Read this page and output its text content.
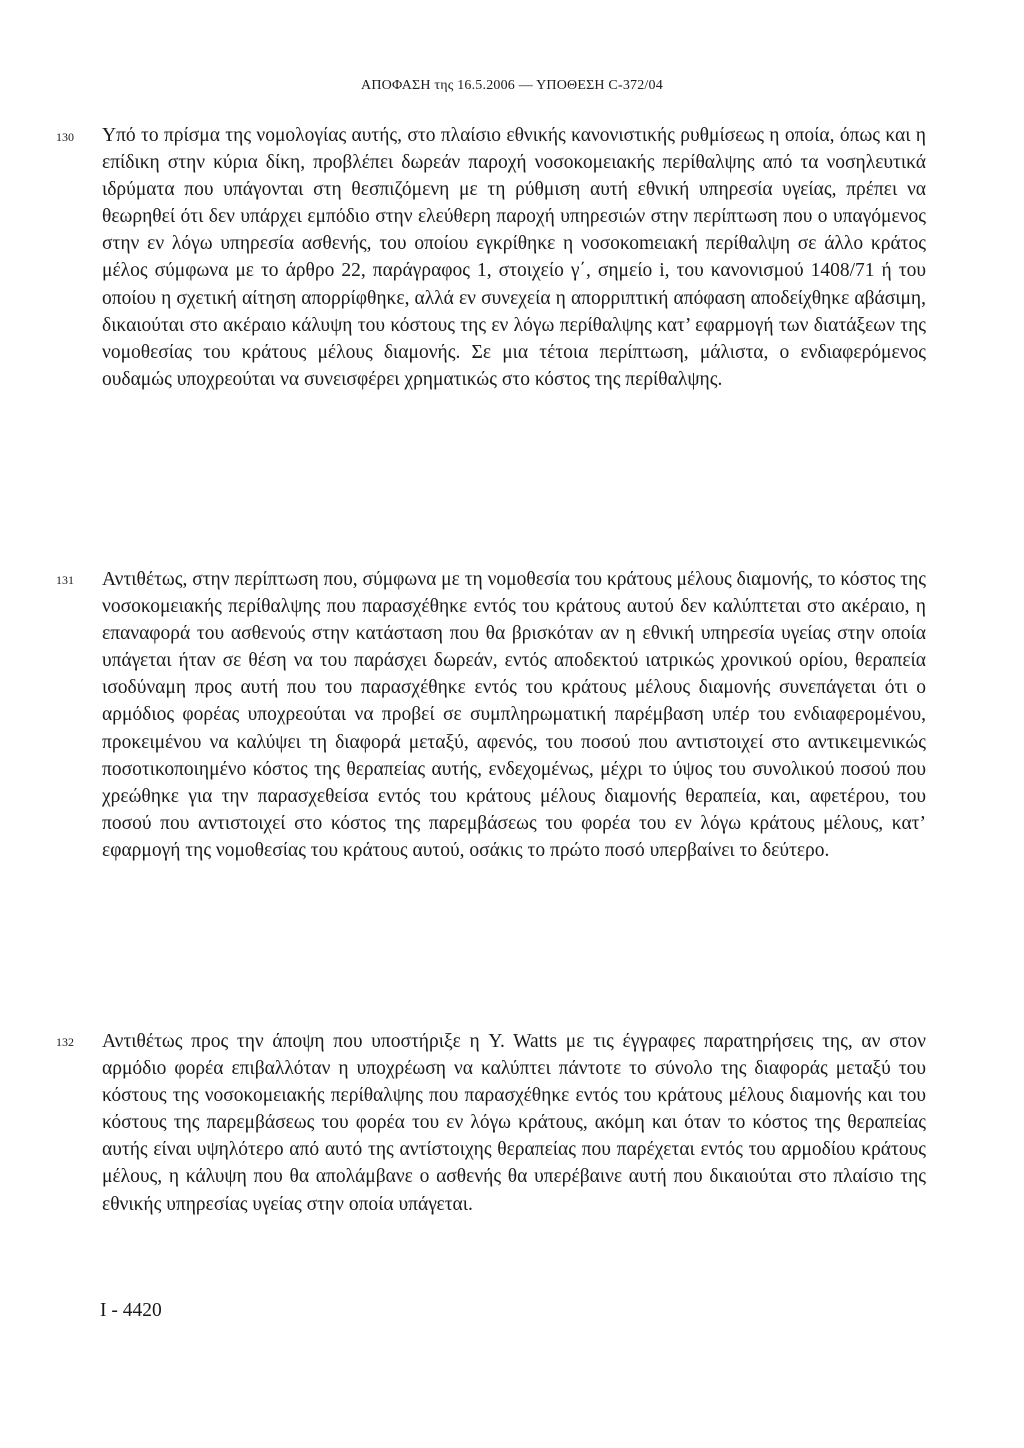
ΑΠΟΦΑΣΗ της 16.5.2006 — ΥΠΟΘΕΣΗ C-372/04
130	Υπό το πρίσμα της νομολογίας αυτής, στο πλαίσιο εθνικής κανονιστικής ρυθμίσεως η οποία, όπως και η επίδικη στην κύρια δίκη, προβλέπει δωρεάν παροχή νοσοκομειακής περίθαλψης από τα νοσηλευτικά ιδρύματα που υπάγονται στη θεσπιζόμενη με τη ρύθμιση αυτή εθνική υπηρεσία υγείας, πρέπει να θεωρηθεί ότι δεν υπάρχει εμπόδιο στην ελεύθερη παροχή υπηρεσιών στην περίπτωση που ο υπαγόμενος στην εν λόγω υπηρεσία ασθενής, του οποίου εγκρίθηκε η νοσοκοmειακή περίθαλψη σε άλλο κράτος μέλος σύμφωνα με το άρθρο 22, παράγραφος 1, στοιχείο γ΄, σημείο i, του κανονισμού 1408/71 ή του οποίου η σχετική αίτηση απορρίφθηκε, αλλά εν συνεχεία η απορριπτική απόφαση αποδείχθηκε αβάσιμη, δικαιούται στο ακέραιο κάλυψη του κόστους της εν λόγω περίθαλψης κατ’ εφαρμογή των διατάξεων της νομοθεσίας του κράτους μέλους διαμονής. Σε μια τέτοια περίπτωση, μάλιστα, ο ενδιαφερόμενος ουδαμώς υποχρεούται να συνεισφέρει χρηματικώς στο κόστος της περίθαλψης.
131	Αντιθέτως, στην περίπτωση που, σύμφωνα με τη νομοθεσία του κράτους μέλους διαμονής, το κόστος της νοσοκομειακής περίθαλψης που παρασχέθηκε εντός του κράτους αυτού δεν καλύπτεται στο ακέραιο, η επαναφορά του ασθενούς στην κατάσταση που θα βρισκόταν αν η εθνική υπηρεσία υγείας στην οποία υπάγεται ήταν σε θέση να του παράσχει δωρεάν, εντός αποδεκτού ιατρικώς χρονικού ορίου, θεραπεία ισοδύναμη προς αυτή που του παρασχέθηκε εντός του κράτους μέλους διαμονής συνεπάγεται ότι ο αρμόδιος φορέας υποχρεούται να προβεί σε συμπληρωματική παρέμβαση υπέρ του ενδιαφερομένου, προκειμένου να καλύψει τη διαφορά μεταξύ, αφενός, του ποσού που αντιστοιχεί στο αντικειμενικώς ποσοτικοποιημένο κόστος της θεραπείας αυτής, ενδεχομένως, μέχρι το ύψος του συνολικού ποσού που χρεώθηκε για την παρασχεθείσα εντός του κράτους μέλους διαμονής θεραπεία, και, αφετέρου, του ποσού που αντιστοιχεί στο κόστος της παρεμβάσεως του φορέα του εν λόγω κράτους μέλους, κατ’ εφαρμογή της νομοθεσίας του κράτους αυτού, οσάκις το πρώτο ποσό υπερβαίνει το δεύτερο.
132	Αντιθέτως προς την άποψη που υποστήριξε η Y. Watts με τις έγγραφες παρατηρήσεις της, αν στον αρμόδιο φορέα επιβαλλόταν η υποχρέωση να καλύπτει πάντοτε το σύνολο της διαφοράς μεταξύ του κόστους της νοσοκομειακής περίθαλψης που παρασχέθηκε εντός του κράτους μέλους διαμονής και του κόστους της παρεμβάσεως του φορέα του εν λόγω κράτους, ακόμη και όταν το κόστος της θεραπείας αυτής είναι υψηλότερο από αυτό της αντίστοιχης θεραπείας που παρέχεται εντός του αρμοδίου κράτους μέλους, η κάλυψη που θα απολάμβανε ο ασθενής θα υπερέβαινε αυτή που δικαιούται στο πλαίσιο της εθνικής υπηρεσίας υγείας στην οποία υπάγεται.
I - 4420
